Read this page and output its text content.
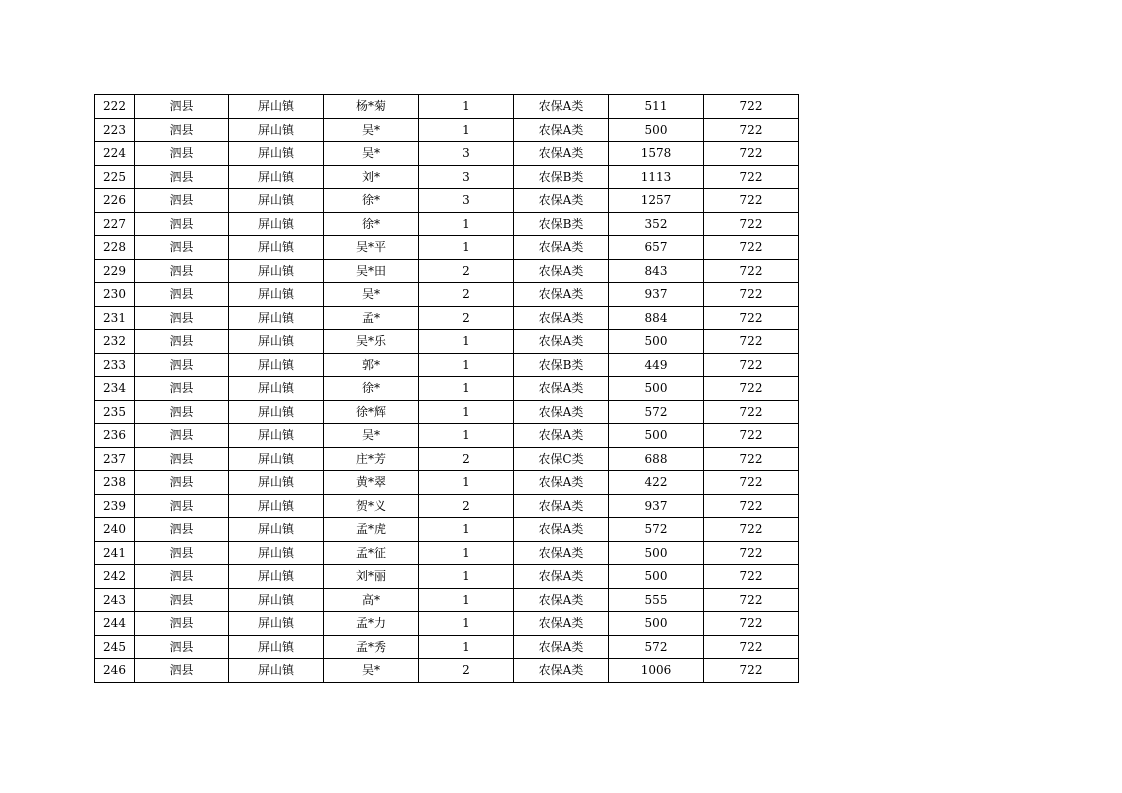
222	泗县	屏山镇	杨*菊	1	农保A类	511	722
223	泗县	屏山镇	吴*	1	农保A类	500	722
224	泗县	屏山镇	吴*	3	农保A类	1578	722
225	泗县	屏山镇	刘*	3	农保B类	1113	722
226	泗县	屏山镇	徐*	3	农保A类	1257	722
227	泗县	屏山镇	徐*	1	农保B类	352	722
228	泗县	屏山镇	吴*平	1	农保A类	657	722
229	泗县	屏山镇	吴*田	2	农保A类	843	722
230	泗县	屏山镇	吴*	2	农保A类	937	722
231	泗县	屏山镇	孟*	2	农保A类	884	722
232	泗县	屏山镇	吴*乐	1	农保A类	500	722
233	泗县	屏山镇	郭*	1	农保B类	449	722
234	泗县	屏山镇	徐*	1	农保A类	500	722
235	泗县	屏山镇	徐*辉	1	农保A类	572	722
236	泗县	屏山镇	吴*	1	农保A类	500	722
237	泗县	屏山镇	庄*芳	2	农保C类	688	722
238	泗县	屏山镇	黄*翠	1	农保A类	422	722
239	泗县	屏山镇	贺*义	2	农保A类	937	722
240	泗县	屏山镇	孟*虎	1	农保A类	572	722
241	泗县	屏山镇	孟*征	1	农保A类	500	722
242	泗县	屏山镇	刘*丽	1	农保A类	500	722
243	泗县	屏山镇	高*	1	农保A类	555	722
244	泗县	屏山镇	孟*力	1	农保A类	500	722
245	泗县	屏山镇	孟*秀	1	农保A类	572	722
246	泗县	屏山镇	吴*	2	农保A类	1006	722
